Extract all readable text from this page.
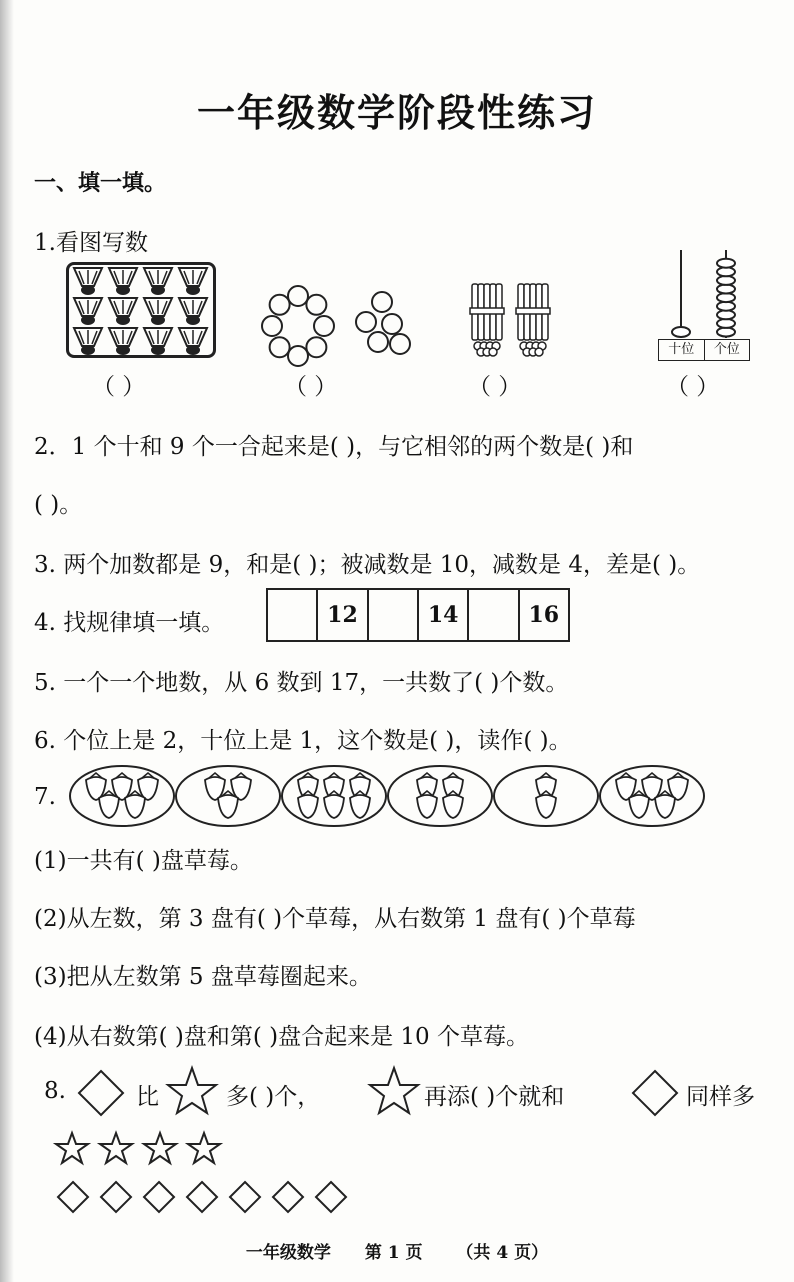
一年级数学阶段性练习
一、填一填。
1.看图写数
十位	个位
（ ）	（ ）	（ ）	（ ）
2．1 个十和 9 个一合起来是( )，与它相邻的两个数是( )和
( )。
3. 两个加数都是 9，和是( )；被减数是 10，减数是 4，差是( )。
4. 找规律填一填。	12	14	16
5. 一个一个地数，从 6 数到 17，一共数了( )个数。
6. 个位上是 2，十位上是 1，这个数是( )，读作( )。
7.
(1)一共有( )盘草莓。
(2)从左数，第 3 盘有( )个草莓，从右数第 1 盘有( )个草莓
(3)把从左数第 5 盘草莓圈起来。
(4)从右数第( )盘和第( )盘合起来是 10 个草莓。
8.	比	多( )个，	再添( )个就和	同样多
一年级数学 第 1 页 （共 4 页）
